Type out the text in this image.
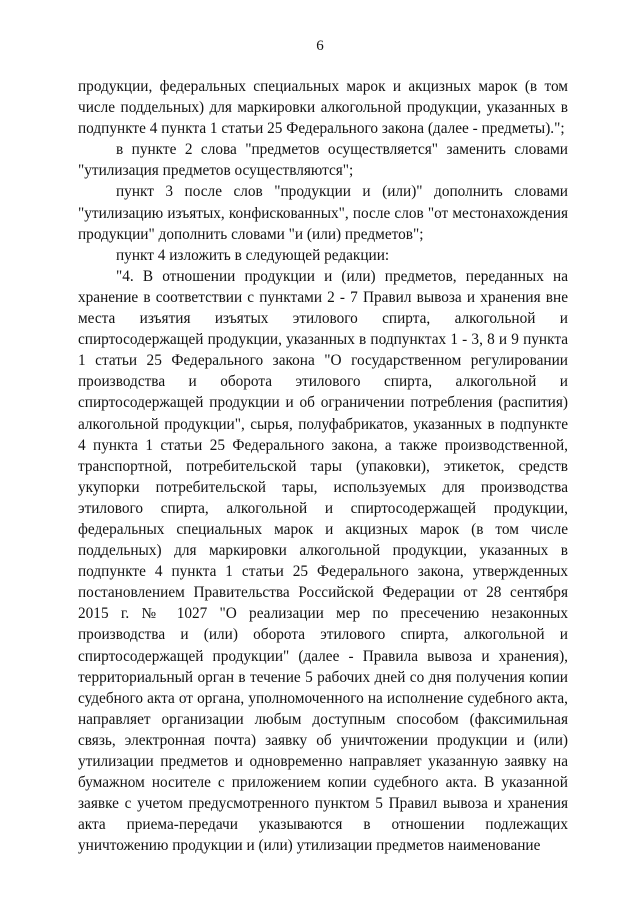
6

продукции, федеральных специальных марок и акцизных марок (в том числе поддельных) для маркировки алкогольной продукции, указанных в подпункте 4 пункта 1 статьи 25 Федерального закона (далее - предметы).";

в пункте 2 слова "предметов осуществляется" заменить словами "утилизация предметов осуществляются";

пункт 3 после слов "продукции и (или)" дополнить словами "утилизацию изъятых, конфискованных", после слов "от местонахождения продукции" дополнить словами "и (или) предметов";

пункт 4 изложить в следующей редакции:

"4. В отношении продукции и (или) предметов, переданных на хранение в соответствии с пунктами 2 - 7 Правил вывоза и хранения вне места изъятия изъятых этилового спирта, алкогольной и спиртосодержащей продукции, указанных в подпунктах 1 - 3, 8 и 9 пункта 1 статьи 25 Федерального закона "О государственном регулировании производства и оборота этилового спирта, алкогольной и спиртосодержащей продукции и об ограничении потребления (распития) алкогольной продукции", сырья, полуфабрикатов, указанных в подпункте 4 пункта 1 статьи 25 Федерального закона, а также производственной, транспортной, потребительской тары (упаковки), этикеток, средств укупорки потребительской тары, используемых для производства этилового спирта, алкогольной и спиртосодержащей продукции, федеральных специальных марок и акцизных марок (в том числе поддельных) для маркировки алкогольной продукции, указанных в подпункте 4 пункта 1 статьи 25 Федерального закона, утвержденных постановлением Правительства Российской Федерации от 28 сентября 2015 г. № 1027 "О реализации мер по пресечению незаконных производства и (или) оборота этилового спирта, алкогольной и спиртосодержащей продукции" (далее - Правила вывоза и хранения), территориальный орган в течение 5 рабочих дней со дня получения копии судебного акта от органа, уполномоченного на исполнение судебного акта, направляет организации любым доступным способом (факсимильная связь, электронная почта) заявку об уничтожении продукции и (или) утилизации предметов и одновременно направляет указанную заявку на бумажном носителе с приложением копии судебного акта. В указанной заявке с учетом предусмотренного пунктом 5 Правил вывоза и хранения акта приема-передачи указываются в отношении подлежащих уничтожению продукции и (или) утилизации предметов наименование
